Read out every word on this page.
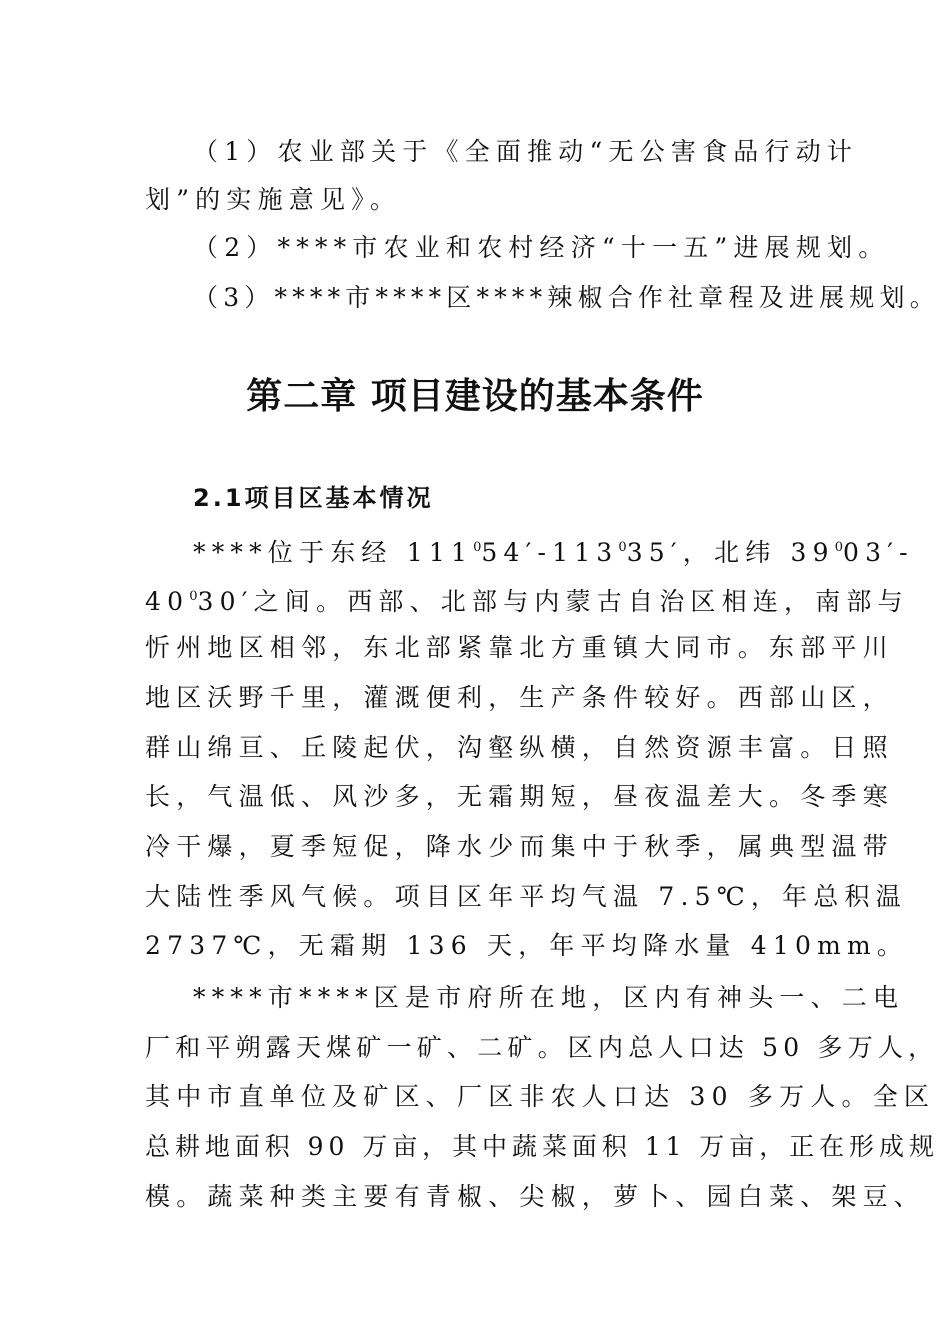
（1）农业部关于《全面推动“无公害食品行动计
划”的实施意见》。
（2）****市农业和农村经济“十一五”进展规划。
（3）****市****区****辣椒合作社章程及进展规划。
第二章 项目建设的基本条件
2.1项目区基本情况
****位于东经 $111^054'-113^035'$，北纬 $39^003'-$
$40^030'$之间。西部、北部与内蒙古自治区相连，南部与
忻州地区相邻，东北部紧靠北方重镇大同市。东部平川
地区沃野千里，灌溉便利，生产条件较好。西部山区，
群山绵亘、丘陵起伏，沟壑纵横，自然资源丰富。日照
长，气温低、风沙多，无霜期短，昼夜温差大。冬季寒
冷干爆，夏季短促，降水少而集中于秋季，属典型温带
大陆性季风气候。项目区年平均气温 7.5℃，年总积温
2737℃，无霜期 136 天，年平均降水量 410mm。
****市****区是市府所在地，区内有神头一、二电
厂和平朔露天煤矿一矿、二矿。区内总人口达 50 多万人，
其中市直单位及矿区、厂区非农人口达 30 多万人。全区
总耕地面积 90 万亩，其中蔬菜面积 11 万亩，正在形成规
模。蔬菜种类主要有青椒、尖椒，萝卜、园白菜、架豆、
